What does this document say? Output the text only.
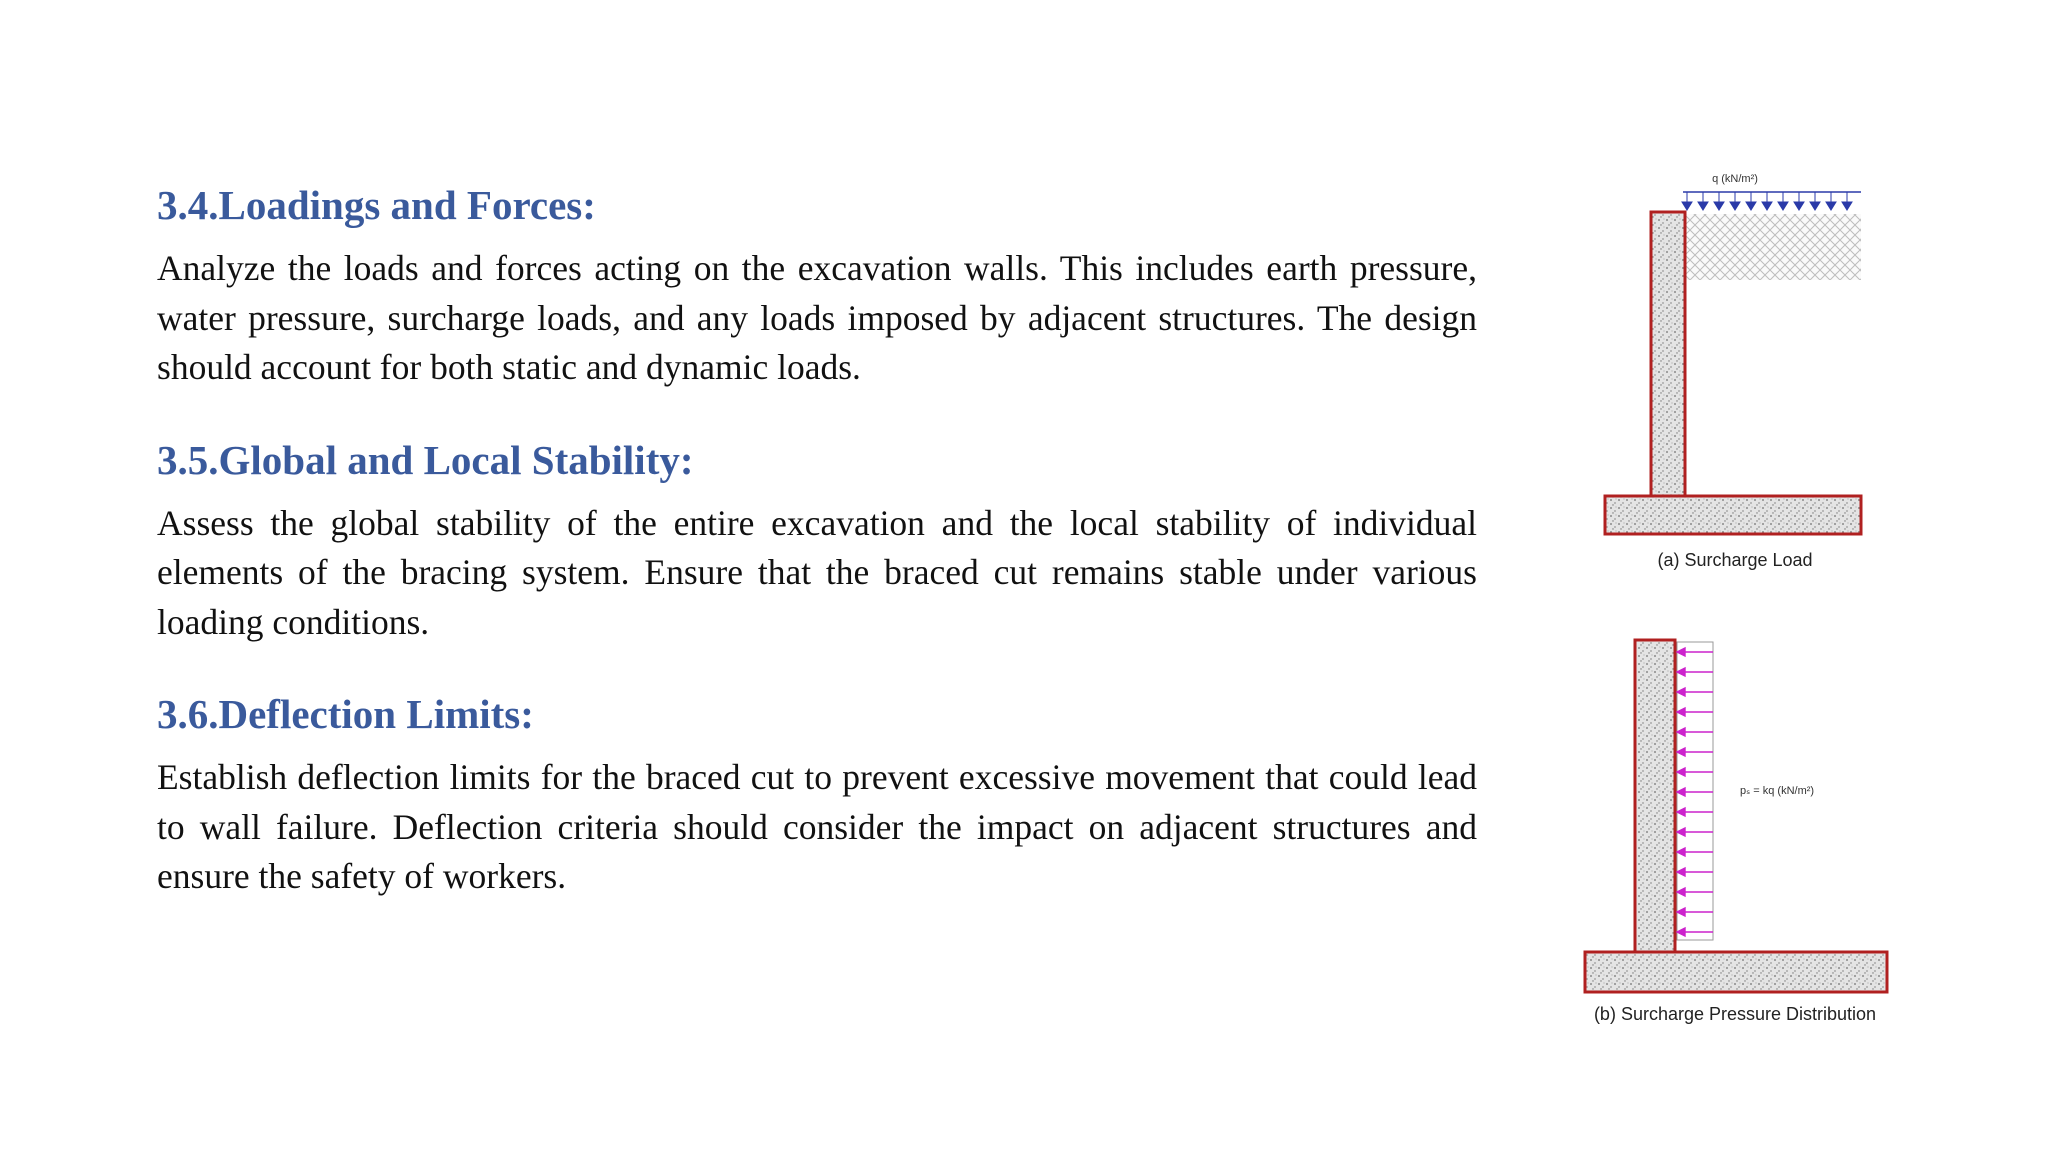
3.4.Loadings and Forces:

Analyze the loads and forces acting on the excavation walls. This includes earth pressure, water pressure, surcharge loads, and any loads imposed by adjacent structures. The design should account for both static and dynamic loads.

3.5.Global and Local Stability:

Assess the global stability of the entire excavation and the local stability of individual elements of the bracing system. Ensure that the braced cut remains stable under various loading conditions.

3.6.Deflection Limits:

Establish deflection limits for the braced cut to prevent excessive movement that could lead to wall failure. Deflection criteria should consider the impact on adjacent structures and ensure the safety of workers.

q (kN/m²)
(a) Surcharge Load
pₛ = kq (kN/m²)
(b) Surcharge Pressure Distribution
